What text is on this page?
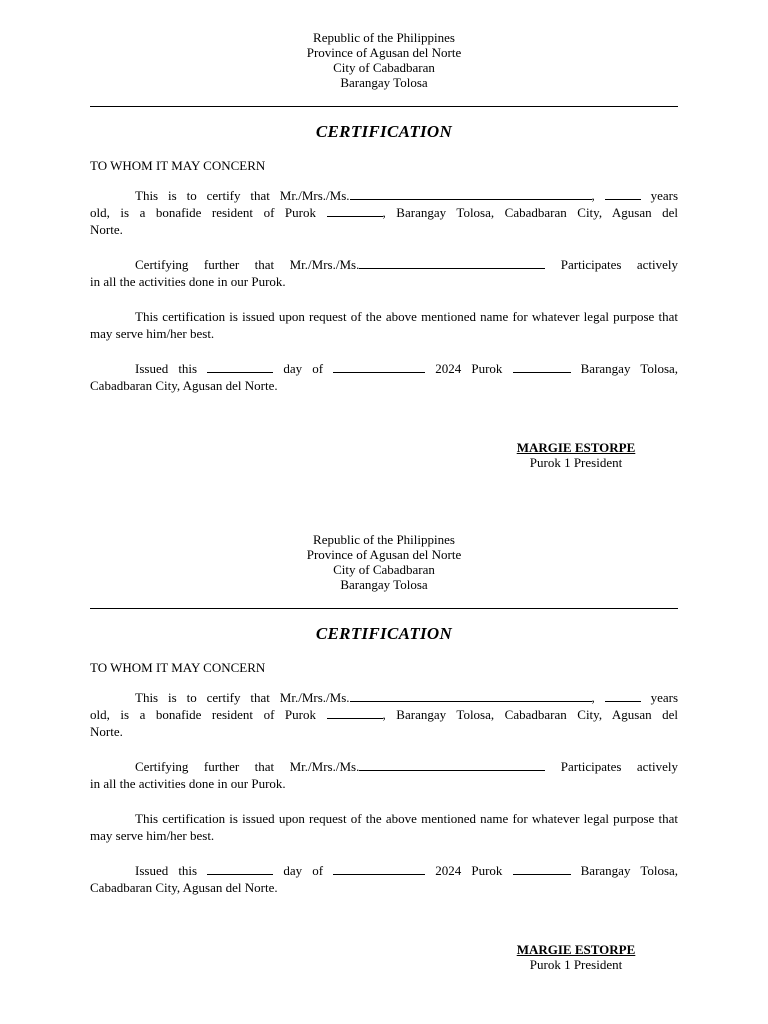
Republic of the Philippines
Province of Agusan del Norte
City of Cabadbaran
Barangay Tolosa
CERTIFICATION
TO WHOM IT MAY CONCERN
This is to certify that Mr./Mrs./Ms.	,	years
old, is a bonafide resident of Purok	, Barangay Tolosa, Cabadbaran City, Agusan del
Norte.
Certifying further that Mr./Mrs./Ms.	Participates actively
in all the activities done in our Purok.
This certification is issued upon request of the above mentioned name for whatever legal purpose that may serve him/her best.
Issued this	day of	2024 Purok	Barangay Tolosa,
Cabadbaran City, Agusan del Norte.
MARGIE ESTORPE
Purok 1 President
Republic of the Philippines
Province of Agusan del Norte
City of Cabadbaran
Barangay Tolosa
CERTIFICATION
TO WHOM IT MAY CONCERN
This is to certify that Mr./Mrs./Ms.	,	years
old, is a bonafide resident of Purok	, Barangay Tolosa, Cabadbaran City, Agusan del
Norte.
Certifying further that Mr./Mrs./Ms.	Participates actively
in all the activities done in our Purok.
This certification is issued upon request of the above mentioned name for whatever legal purpose that may serve him/her best.
Issued this	day of	2024 Purok	Barangay Tolosa,
Cabadbaran City, Agusan del Norte.
MARGIE ESTORPE
Purok 1 President
